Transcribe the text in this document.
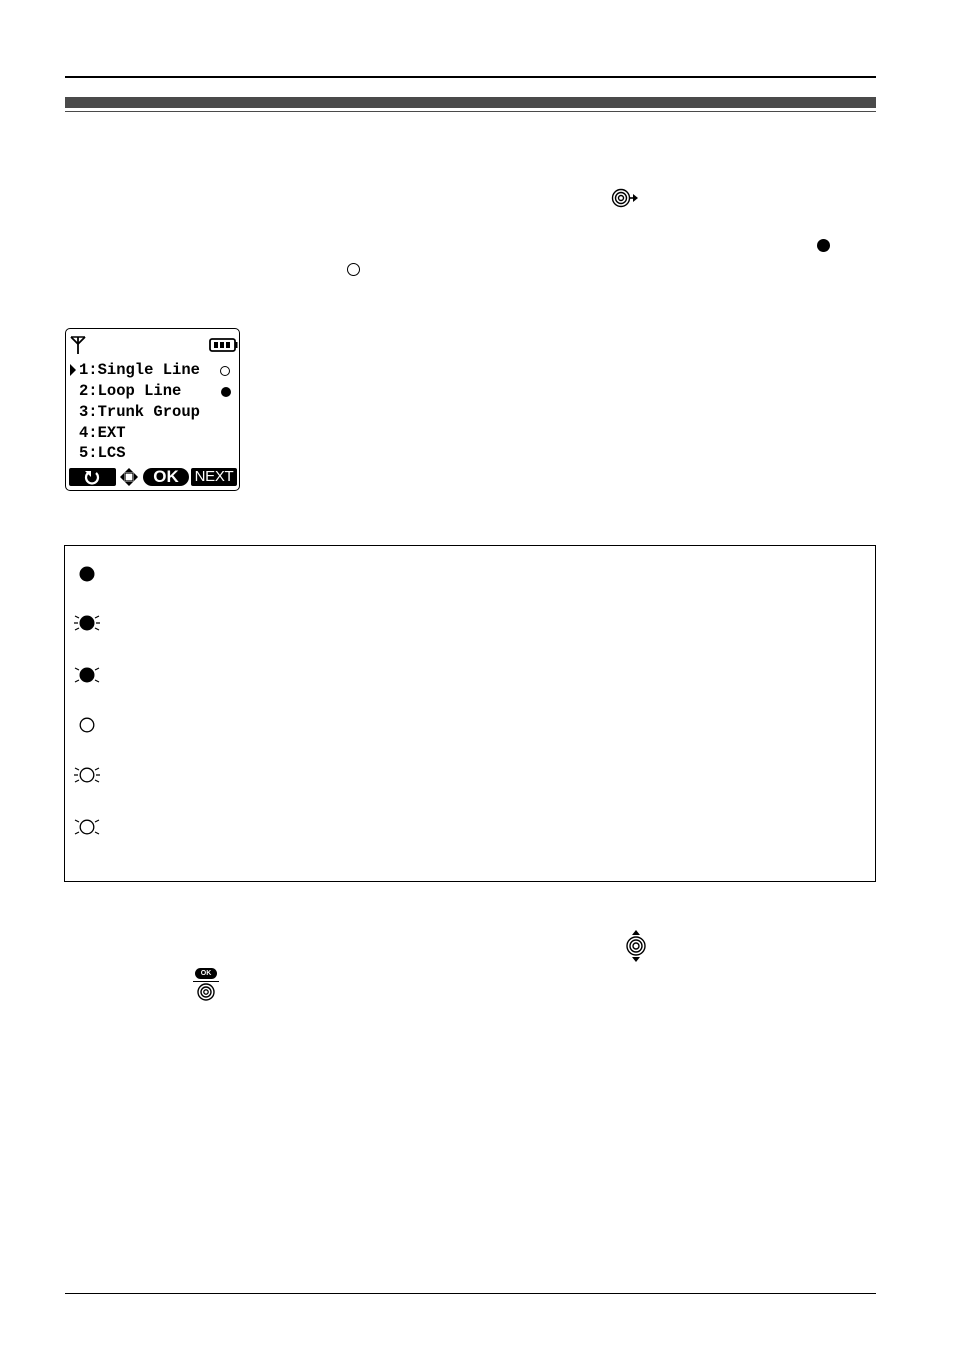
1:Single Line
2:Loop Line
3:Trunk Group
4:EXT
5:LCS
OK	NEXT
OK
